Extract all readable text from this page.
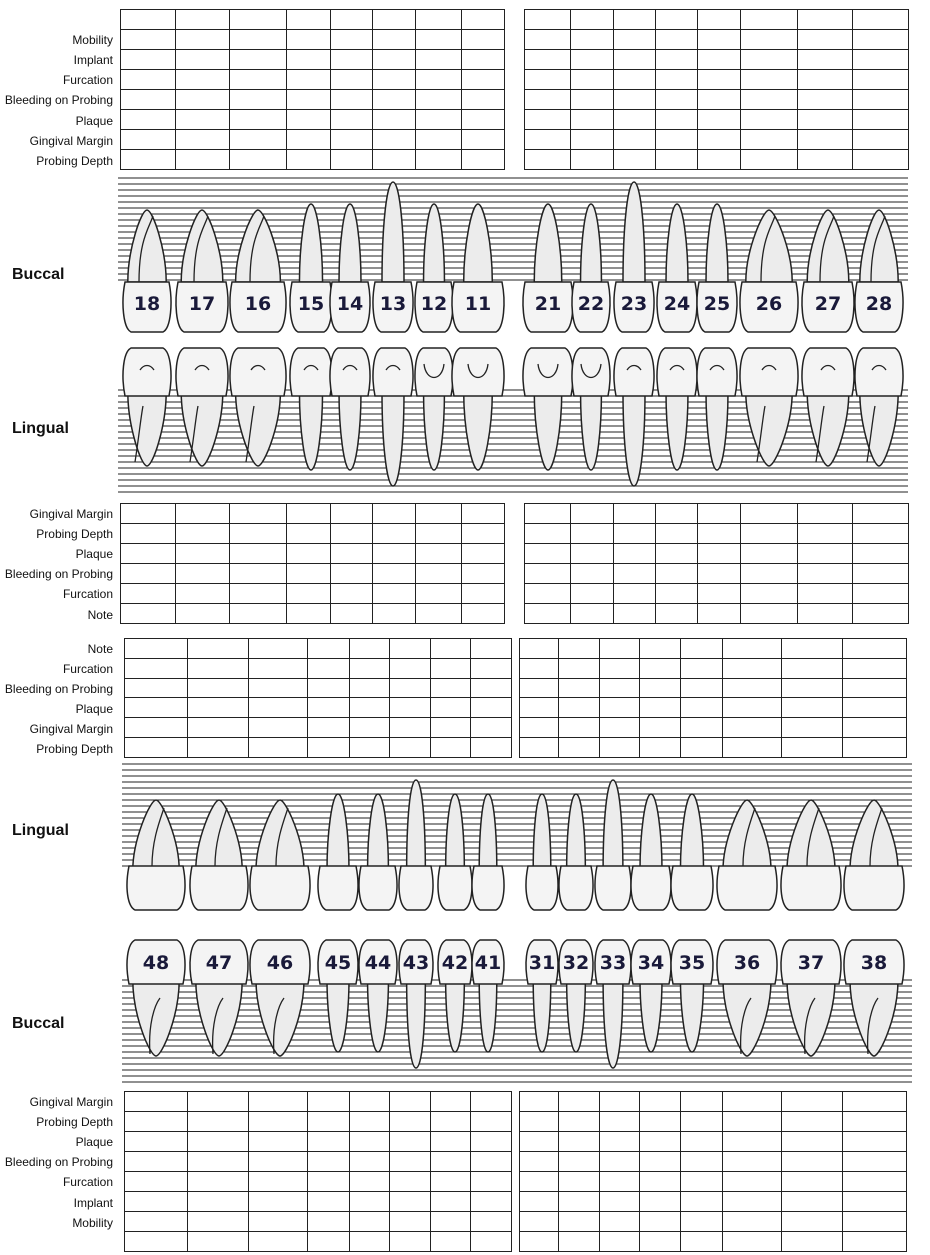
Mobility
Implant
Furcation
Bleeding on Probing
Plaque
Gingival Margin
Probing Depth

Buccal
18 17 16 15 14 13 12 11 21 22 23 24 25 26 27 28
Lingual
Gingival Margin
Probing Depth
Plaque
Bleeding on Probing
Furcation
Note

Note
Furcation
Bleeding on Probing
Plaque
Gingival Margin
Probing Depth

Lingual
Buccal
48 47 46 45 44 43 42 41 31 32 33 34 35 36 37 38
Gingival Margin
Probing Depth
Plaque
Bleeding on Probing
Furcation
Implant
Mobility
